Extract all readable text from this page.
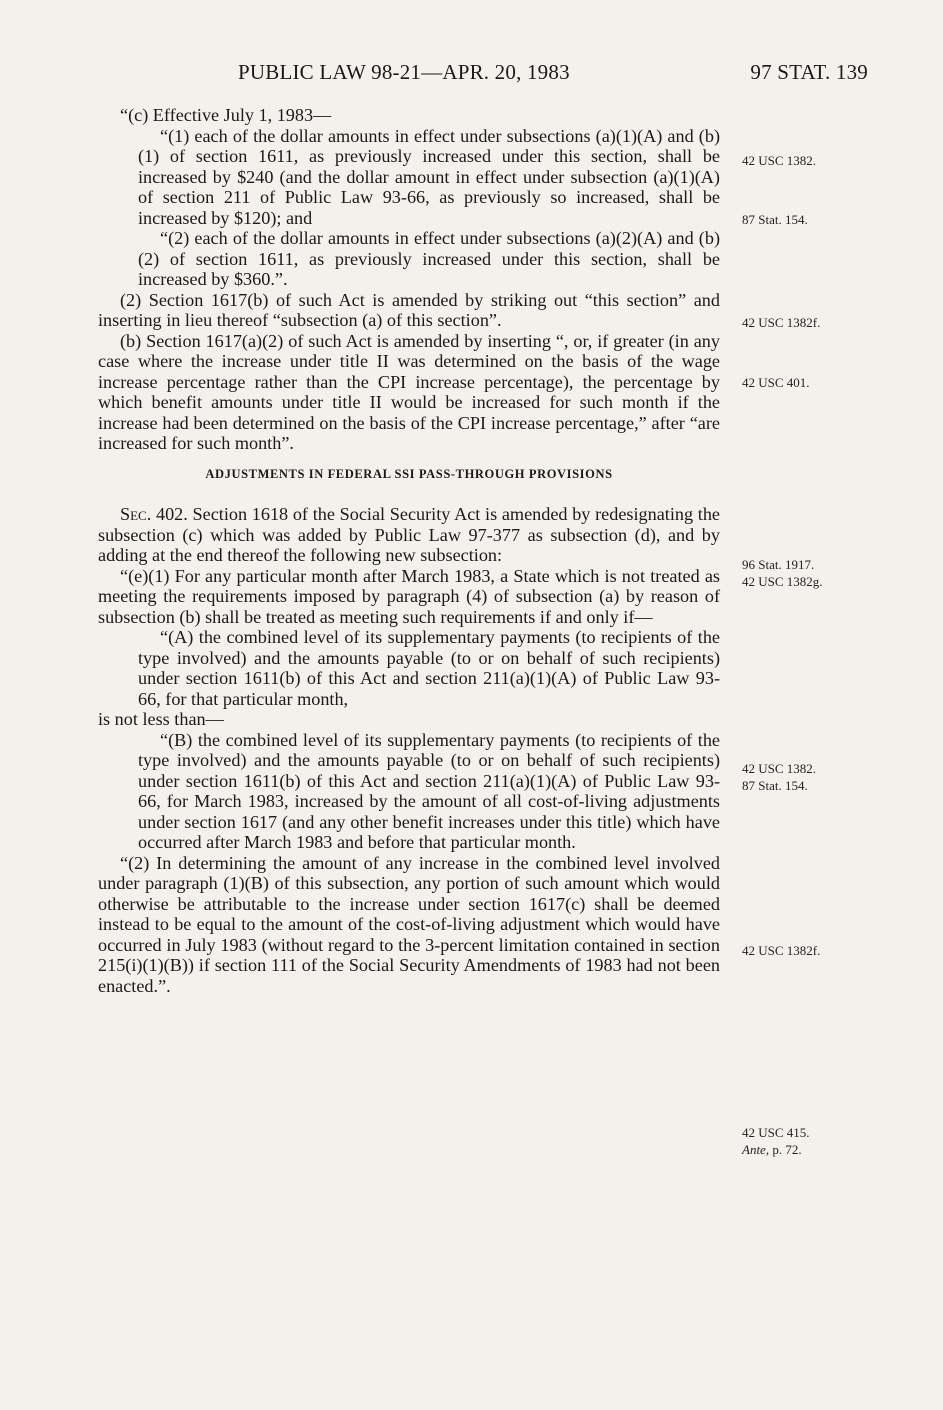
PUBLIC LAW 98-21—APR. 20, 1983	97 STAT. 139

“(c) Effective July 1, 1983—

“(1) each of the dollar amounts in effect under subsections (a)(1)(A) and (b)(1) of section 1611, as previously increased under this section, shall be increased by $240 (and the dollar amount in effect under subsection (a)(1)(A) of section 211 of Public Law 93-66, as previously so increased, shall be increased by $120); and

“(2) each of the dollar amounts in effect under subsections (a)(2)(A) and (b)(2) of section 1611, as previously increased under this section, shall be increased by $360.”.

(2) Section 1617(b) of such Act is amended by striking out “this section” and inserting in lieu thereof “subsection (a) of this section”.

(b) Section 1617(a)(2) of such Act is amended by inserting “, or, if greater (in any case where the increase under title II was determined on the basis of the wage increase percentage rather than the CPI increase percentage), the percentage by which benefit amounts under title II would be increased for such month if the increase had been determined on the basis of the CPI increase percentage,” after “are increased for such month”.

ADJUSTMENTS IN FEDERAL SSI PASS-THROUGH PROVISIONS

Sec. 402. Section 1618 of the Social Security Act is amended by redesignating the subsection (c) which was added by Public Law 97-377 as subsection (d), and by adding at the end thereof the following new subsection:

“(e)(1) For any particular month after March 1983, a State which is not treated as meeting the requirements imposed by paragraph (4) of subsection (a) by reason of subsection (b) shall be treated as meeting such requirements if and only if—

“(A) the combined level of its supplementary payments (to recipients of the type involved) and the amounts payable (to or on behalf of such recipients) under section 1611(b) of this Act and section 211(a)(1)(A) of Public Law 93-66, for that particular month,

is not less than—

“(B) the combined level of its supplementary payments (to recipients of the type involved) and the amounts payable (to or on behalf of such recipients) under section 1611(b) of this Act and section 211(a)(1)(A) of Public Law 93-66, for March 1983, increased by the amount of all cost-of-living adjustments under section 1617 (and any other benefit increases under this title) which have occurred after March 1983 and before that particular month.

“(2) In determining the amount of any increase in the combined level involved under paragraph (1)(B) of this subsection, any portion of such amount which would otherwise be attributable to the increase under section 1617(c) shall be deemed instead to be equal to the amount of the cost-of-living adjustment which would have occurred in July 1983 (without regard to the 3-percent limitation contained in section 215(i)(1)(B)) if section 111 of the Social Security Amendments of 1983 had not been enacted.”.

42 USC 1382.
87 Stat. 154.
42 USC 1382f.
42 USC 401.
96 Stat. 1917.
42 USC 1382g.
42 USC 1382.
87 Stat. 154.
42 USC 1382f.
42 USC 415.
Ante, p. 72.
